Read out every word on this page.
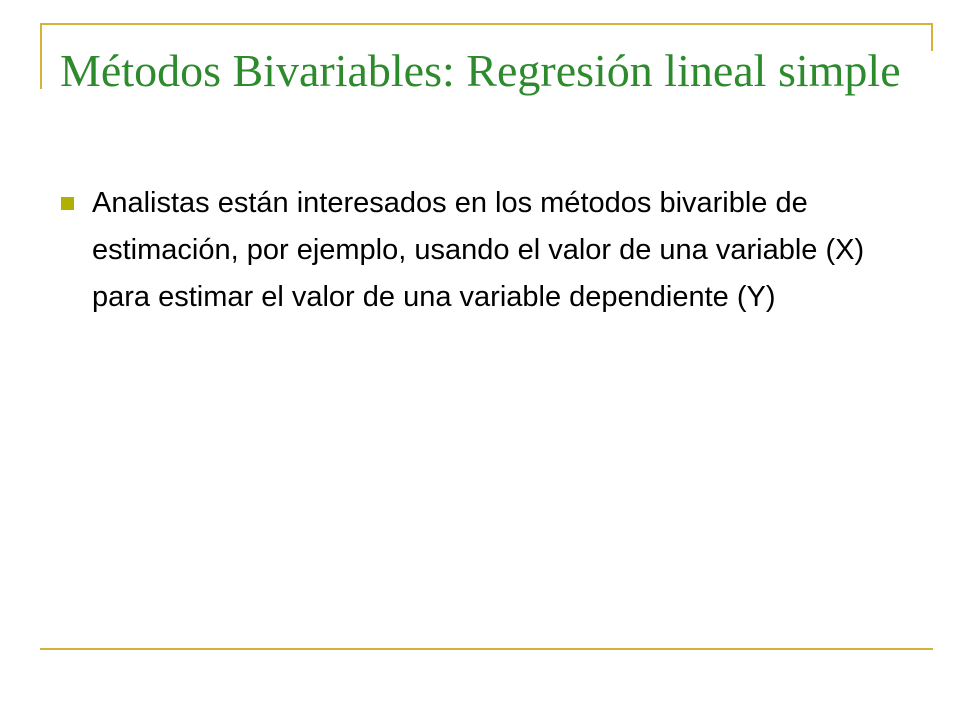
Métodos Bivariables: Regresión lineal simple
Analistas están interesados en los métodos bivarible de estimación, por ejemplo, usando el valor de una variable (X) para estimar el valor de una variable dependiente (Y)
